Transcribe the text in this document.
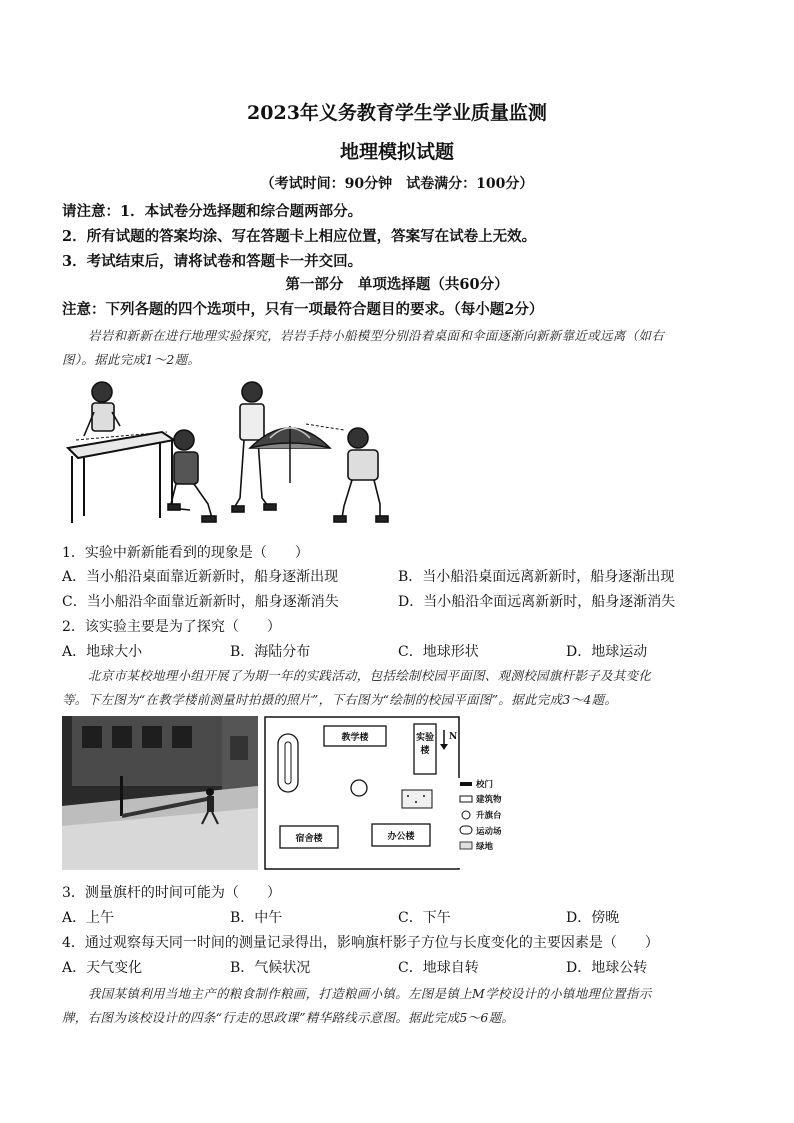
2023年义务教育学生学业质量监测
地理模拟试题
（考试时间：90分钟　试卷满分：100分）
请注意：1．本试卷分选择题和综合题两部分。
2．所有试题的答案均涂、写在答题卡上相应位置，答案写在试卷上无效。
3．考试结束后，请将试卷和答题卡一并交回。
第一部分　单项选择题（共60分）
注意：下列各题的四个选项中，只有一项最符合题目的要求。（每小题2分）
岩岩和新新在进行地理实验探究，岩岩手持小船模型分别沿着桌面和伞面逐渐向新新靠近或远离（如右
图）。据此完成1～2题。
1．实验中新新能看到的现象是（　　）
A．当小船沿桌面靠近新新时，船身逐渐出现	B．当小船沿桌面远离新新时，船身逐渐出现
C．当小船沿伞面靠近新新时，船身逐渐消失	D．当小船沿伞面远离新新时，船身逐渐消失
2．该实验主要是为了探究（　　）
A．地球大小	B．海陆分布	C．地球形状	D．地球运动
北京市某校地理小组开展了为期一年的实践活动，包括绘制校园平面图、观测校园旗杆影子及其变化
等。下左图为“在教学楼前测量时拍摄的照片”，下右图为“绘制的校园平面图”。据此完成3～4题。
教学楼	实验楼
宿舍楼	办公楼
N
校门
建筑物
升旗台
运动场
绿地
3．测量旗杆的时间可能为（　　）
A．上午	B．中午	C．下午	D．傍晚
4．通过观察每天同一时间的测量记录得出，影响旗杆影子方位与长度变化的主要因素是（　　）
A．天气变化	B．气候状况	C．地球自转	D．地球公转
我国某镇利用当地主产的粮食制作粮画，打造粮画小镇。左图是镇上M学校设计的小镇地理位置指示
牌，右图为该校设计的四条“行走的思政课”精华路线示意图。据此完成5～6题。
